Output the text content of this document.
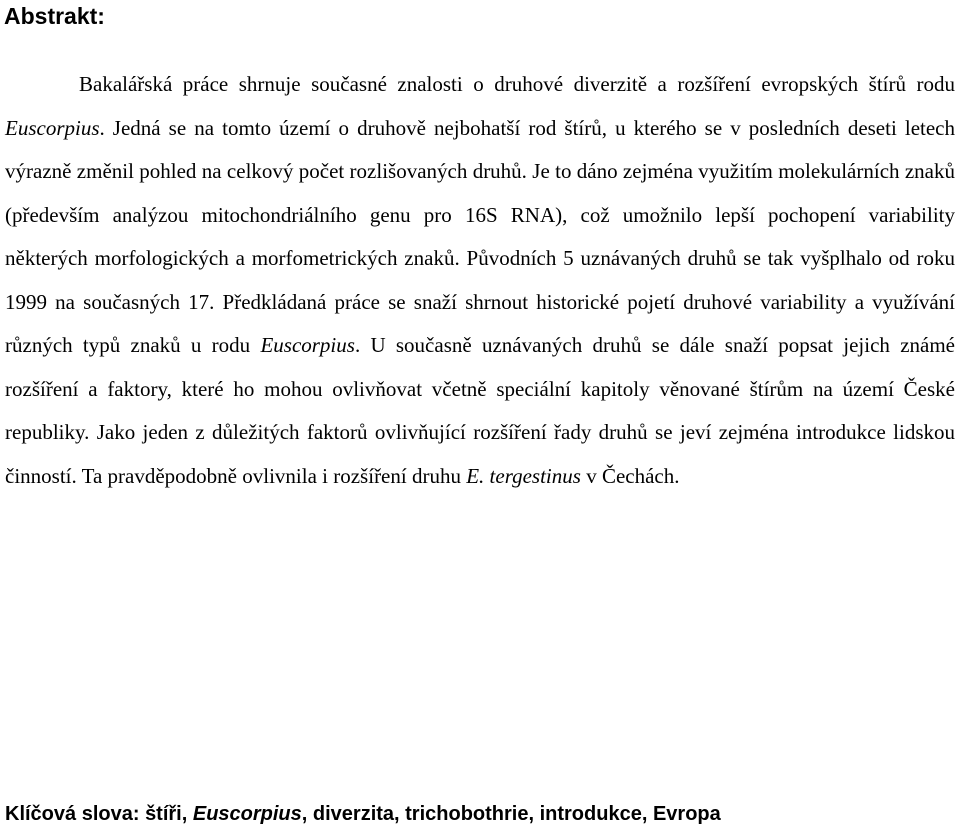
Abstrakt:

Bakalářská práce shrnuje současné znalosti o druhové diverzitě a rozšíření evropských štírů rodu Euscorpius. Jedná se na tomto území o druhově nejbohatší rod štírů, u kterého se v posledních deseti letech výrazně změnil pohled na celkový počet rozlišovaných druhů. Je to dáno zejména využitím molekulárních znaků (především analýzou mitochondriálního genu pro 16S RNA), což umožnilo lepší pochopení variability některých morfologických a morfometrických znaků. Původních 5 uznávaných druhů se tak vyšplhalo od roku 1999 na současných 17. Předkládaná práce se snaží shrnout historické pojetí druhové variability a využívání různých typů znaků u rodu Euscorpius. U současně uznávaných druhů se dále snaží popsat jejich známé rozšíření a faktory, které ho mohou ovlivňovat včetně speciální kapitoly věnované štírům na území České republiky. Jako jeden z důležitých faktorů ovlivňující rozšíření řady druhů se jeví zejména introdukce lidskou činností. Ta pravděpodobně ovlivnila i rozšíření druhu E. tergestinus v Čechách.

Klíčová slova: štíři, Euscorpius, diverzita, trichobothrie, introdukce, Evropa
